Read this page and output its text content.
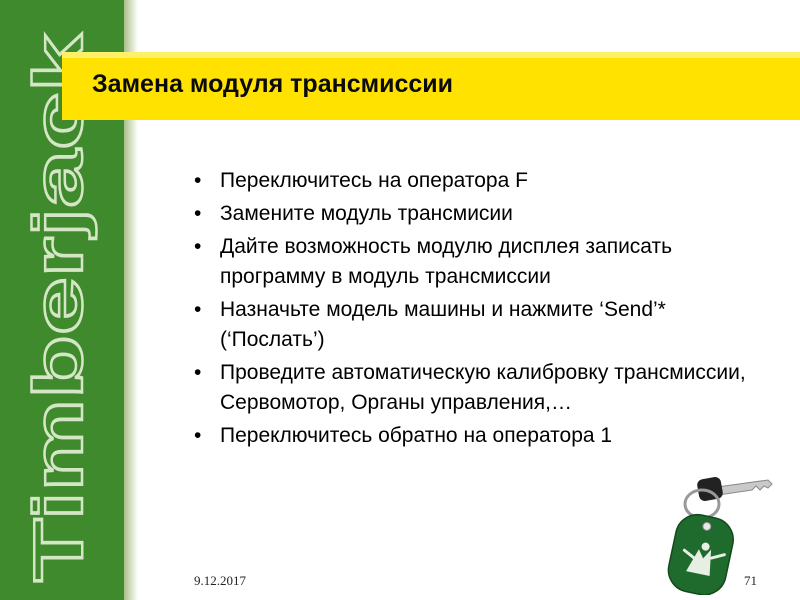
Timberjack
Замена модуля трансмиссии
• Переключитесь на оператора F
• Замените модуль трансмисии
• Дайте возможность модулю дисплея записать программу в модуль трансмиссии
• Назначьте модель машины и нажмите ‘Send’* (‘Послать’)
• Проведите автоматическую калибровку трансмиссии, Сервомотор, Органы управления,…
• Переключитесь обратно на оператора 1
9.12.2017	71
